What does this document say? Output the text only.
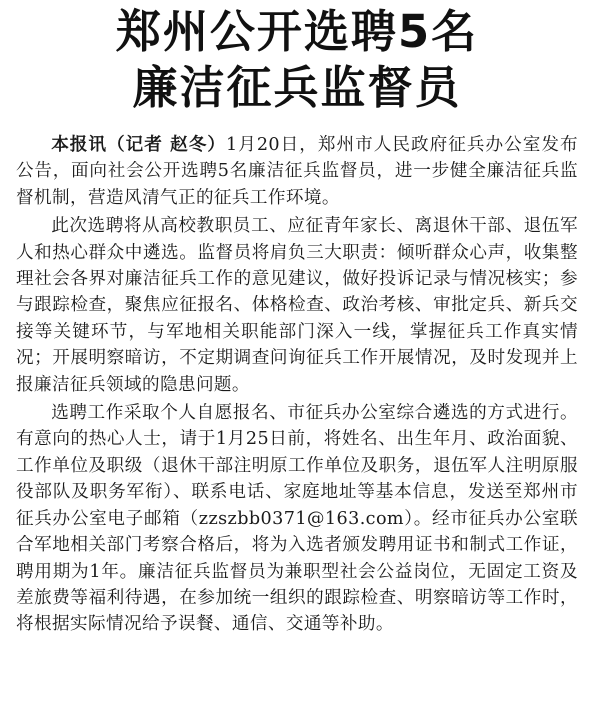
郑州公开选聘5名
廉洁征兵监督员

本报讯（记者 赵冬）1月20日，郑州市人民政府征兵办公室发布公告，面向社会公开选聘5名廉洁征兵监督员，进一步健全廉洁征兵监督机制，营造风清气正的征兵工作环境。

此次选聘将从高校教职员工、应征青年家长、离退休干部、退伍军人和热心群众中遴选。监督员将肩负三大职责：倾听群众心声，收集整理社会各界对廉洁征兵工作的意见建议，做好投诉记录与情况核实；参与跟踪检查，聚焦应征报名、体格检查、政治考核、审批定兵、新兵交接等关键环节，与军地相关职能部门深入一线，掌握征兵工作真实情况；开展明察暗访，不定期调查问询征兵工作开展情况，及时发现并上报廉洁征兵领域的隐患问题。

选聘工作采取个人自愿报名、市征兵办公室综合遴选的方式进行。有意向的热心人士，请于1月25日前，将姓名、出生年月、政治面貌、工作单位及职级（退休干部注明原工作单位及职务，退伍军人注明原服役部队及职务军衔）、联系电话、家庭地址等基本信息，发送至郑州市征兵办公室电子邮箱（zzszbb0371@163.com）。经市征兵办公室联合军地相关部门考察合格后，将为入选者颁发聘用证书和制式工作证，聘用期为1年。廉洁征兵监督员为兼职型社会公益岗位，无固定工资及差旅费等福利待遇，在参加统一组织的跟踪检查、明察暗访等工作时，将根据实际情况给予误餐、通信、交通等补助。
